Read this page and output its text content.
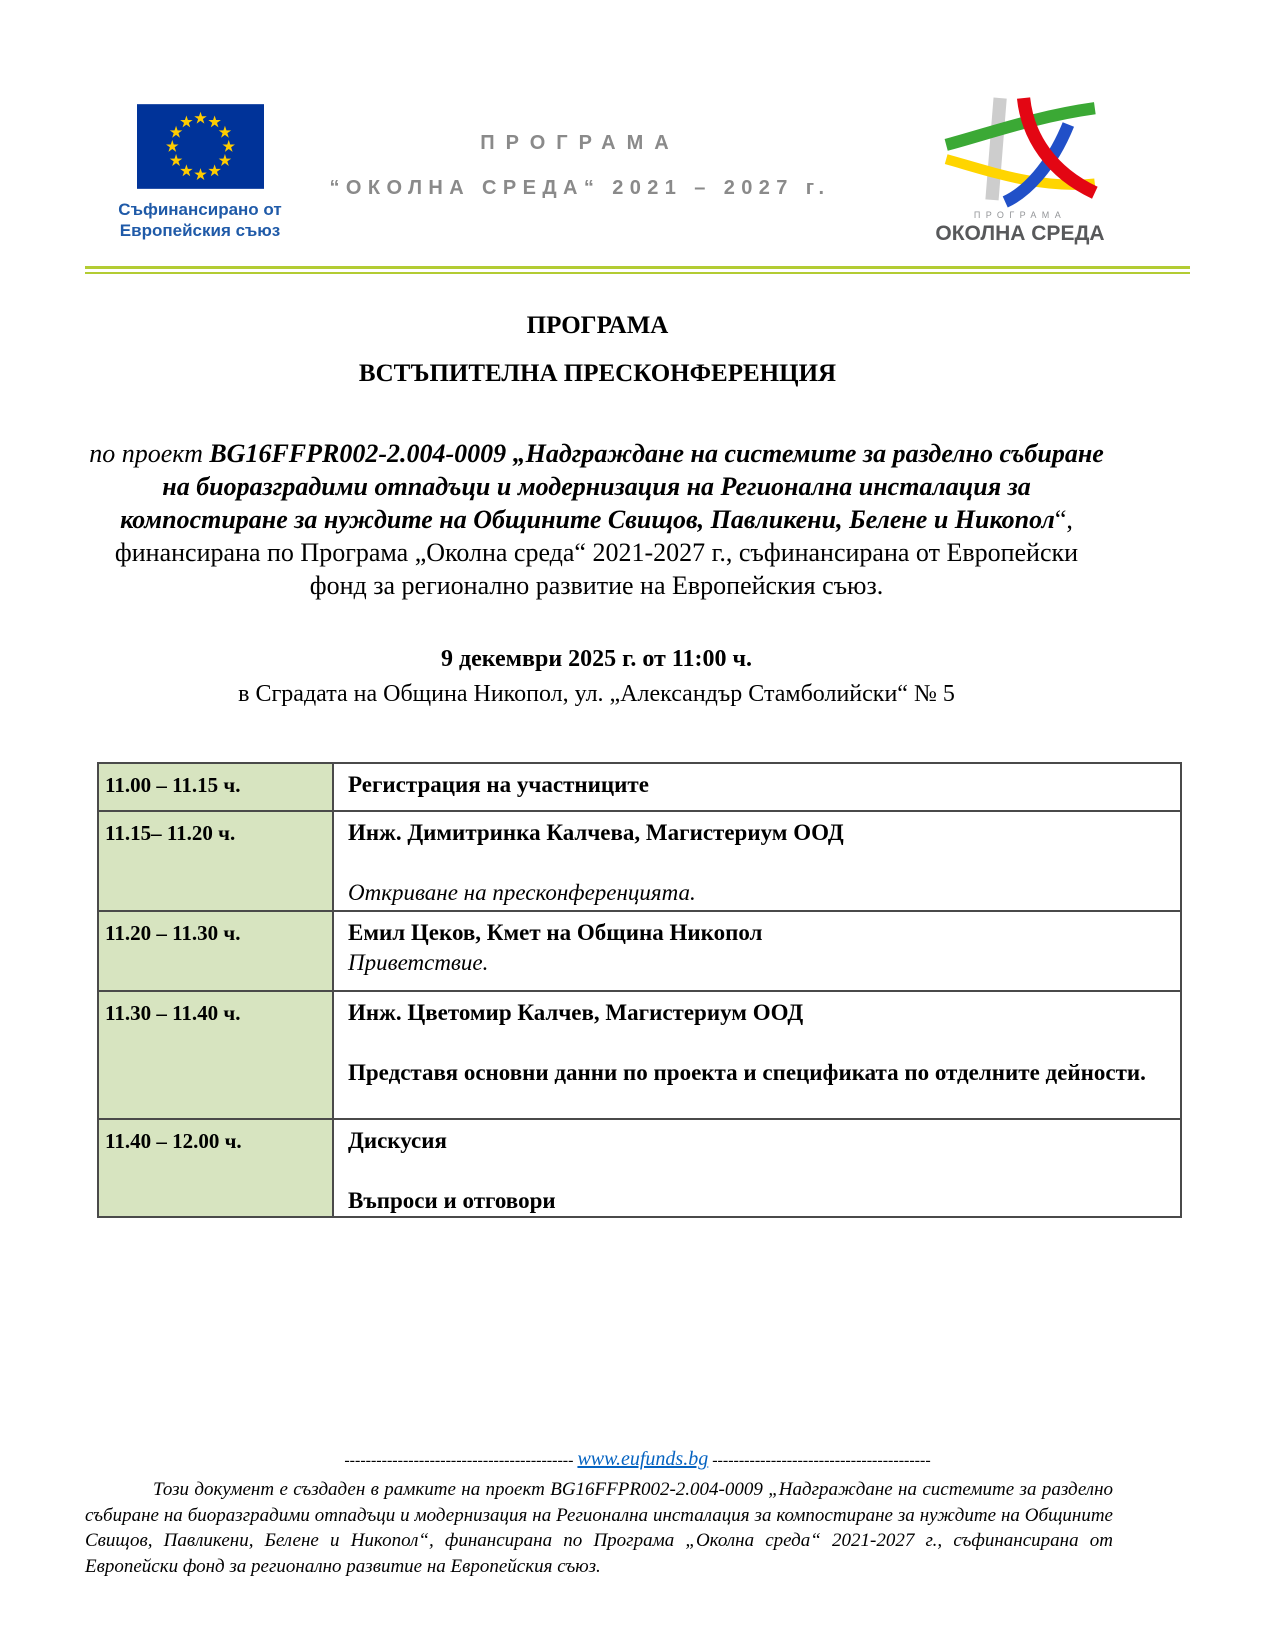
Съфинансирано от
Европейския съюз
ПРОГРАМА
“ОКОЛНА СРЕДА“ 2021 – 2027 г.
ПРОГРАМА
ОКОЛНА СРЕДА
ПРОГРАМА
ВСТЪПИТЕЛНА ПРЕСКОНФЕРЕНЦИЯ

по проект BG16FFPR002-2.004-0009 „Надграждане на системите за разделно събиране на биоразградими отпадъци и модернизация на Регионална инсталация за компостиране за нуждите на Общините Свищов, Павликени, Белене и Никопол“, финансирана по Програма „Околна среда“ 2021-2027 г., съфинансирана от Европейски фонд за регионално развитие на Европейския съюз.

9 декември 2025 г. от 11:00 ч.
в Сградата на Община Никопол, ул. „Александър Стамболийски“ № 5
11.00 – 11.15 ч.	Регистрация на участниците

11.15– 11.20 ч.	Инж. Димитринка Калчева, Магистериум ООД
Откриване на пресконференцията.

11.20 – 11.30 ч.	Емил Цеков, Кмет на Община Никопол
Приветствие.

11.30 – 11.40 ч.	Инж. Цветомир Калчев, Магистериум ООД
Представя основни данни по проекта и спецификата по отделните дейности.

11.40 – 12.00 ч.	Дискусия
Въпроси и отговори
------------------------------------------- www.eufunds.bg -----------------------------------------

Този документ е създаден в рамките на проект BG16FFPR002-2.004-0009 „Надграждане на системите за разделно събиране на биоразградими отпадъци и модернизация на Регионална инсталация за компостиране за нуждите на Общините Свищов, Павликени, Белене и Никопол“, финансирана по Програма „Околна среда“ 2021-2027 г., съфинансирана от Европейски фонд за регионално развитие на Европейския съюз.
